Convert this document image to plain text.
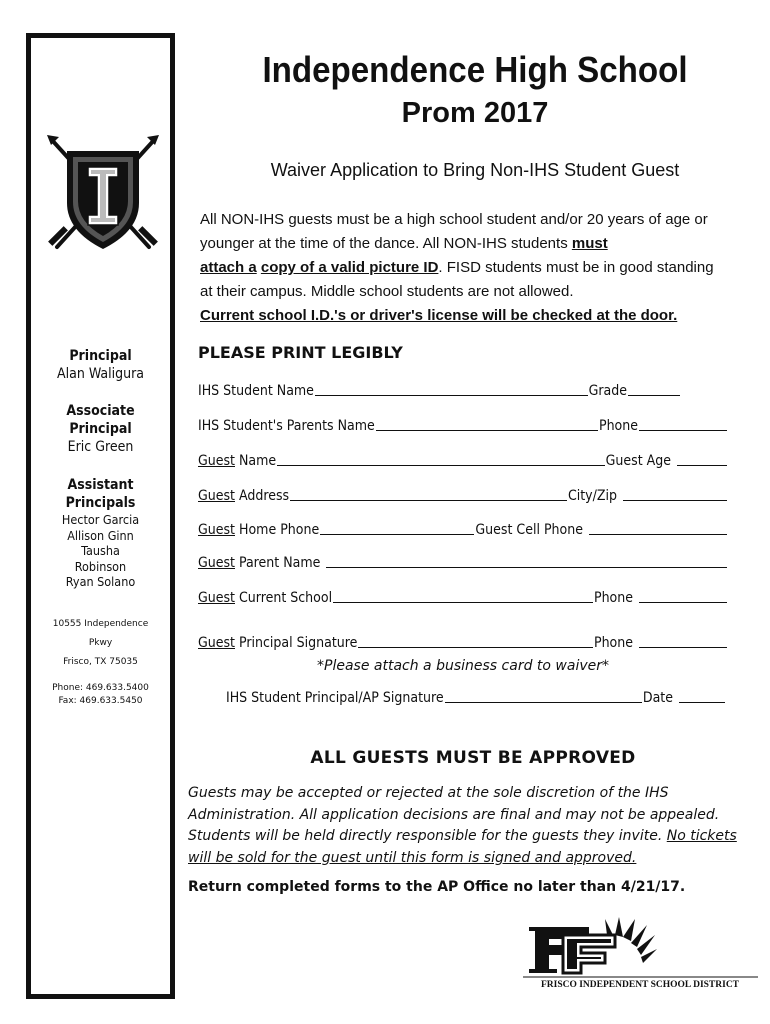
Principal
Alan Waligura
Associate Principal
Eric Green
Assistant Principals
Hector Garcia
Allison Ginn
Tausha
Robinson
Ryan Solano
10555 Independence
Pkwy
Frisco, TX 75035
Phone: 469.633.5400
Fax: 469.633.5450
Independence High School
Prom 2017
Waiver Application to Bring Non-IHS Student Guest
All NON-IHS guests must be a high school student and/or 20 years of age or younger at the time of the dance. All NON-IHS students must
attach a copy of a valid picture ID. FISD students must be in good standing at their campus. Middle school students are not allowed.
Current school I.D.'s or driver's license will be checked at the door.
PLEASE PRINT LEGIBLY
IHS Student Name	Grade
IHS Student's Parents Name	Phone
Guest Name	Guest Age
Guest Address	City/Zip
Guest Home Phone	Guest Cell Phone
Guest Parent Name
Guest Current School	Phone
Guest Principal Signature	Phone
*Please attach a business card to waiver*
IHS Student Principal/AP Signature	Date
ALL GUESTS MUST BE APPROVED
Guests may be accepted or rejected at the sole discretion of the IHS Administration. All application decisions are final and may not be appealed. Students will be held directly responsible for the guests they invite. No tickets will be sold for the guest until this form is signed and approved.
Return completed forms to the AP Office no later than 4/21/17.
FRISCO INDEPENDENT SCHOOL DISTRICT
